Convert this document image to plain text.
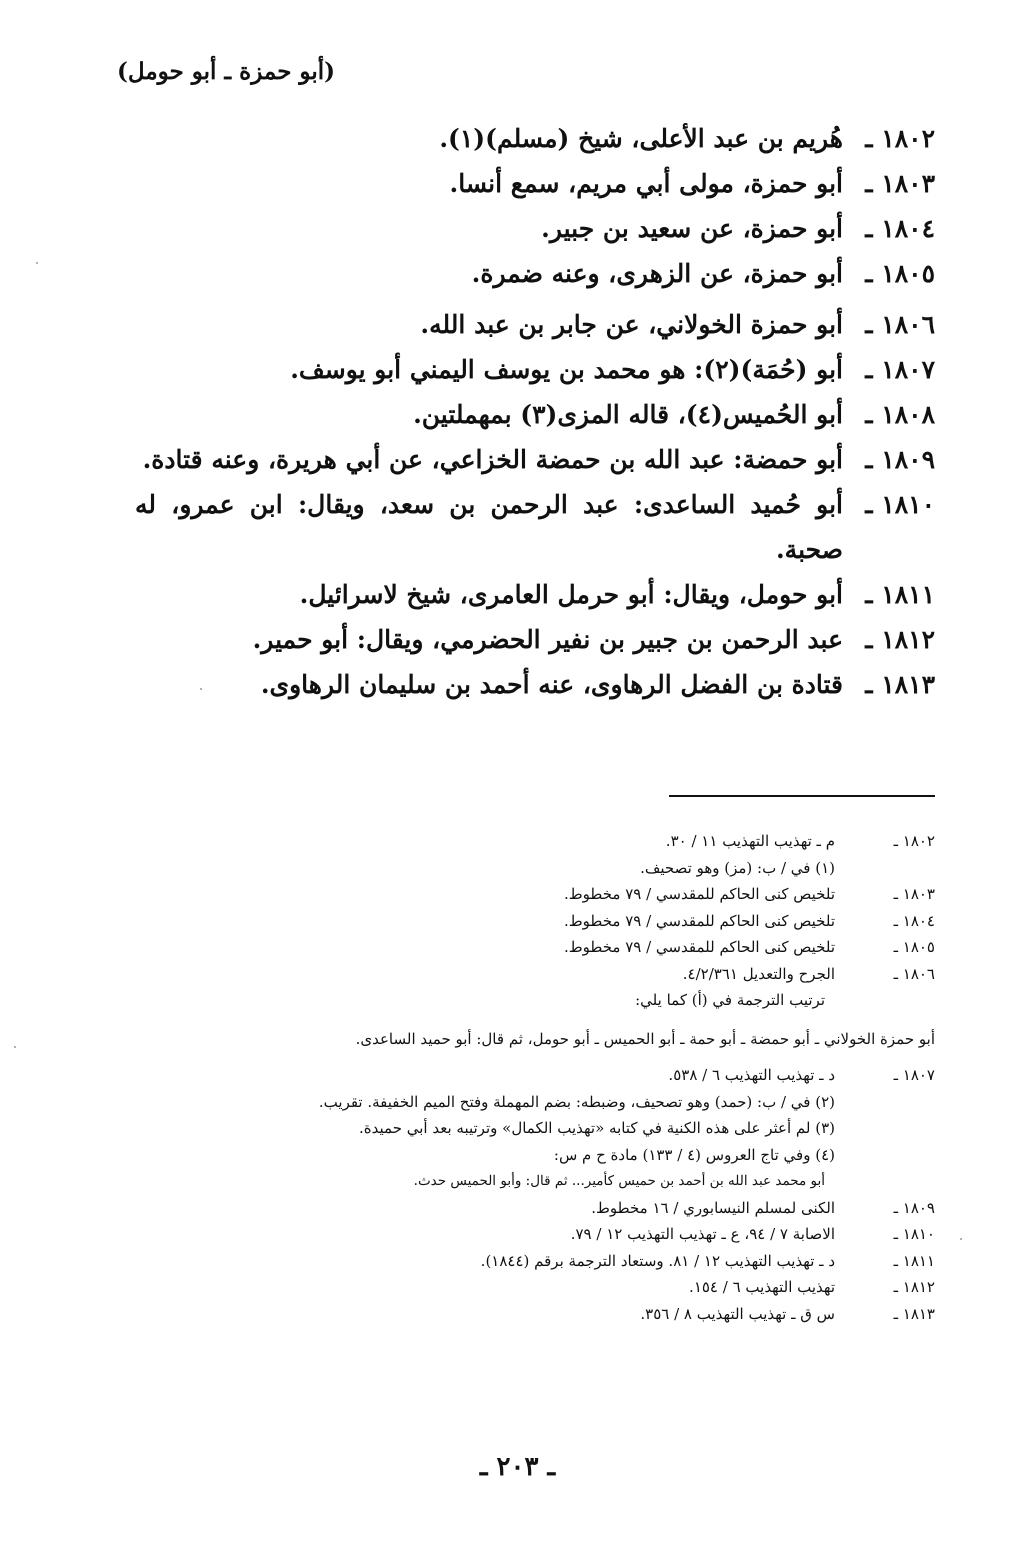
(أبو حمزة ـ أبو حومل)
١٨٠٢ ـ
هُريم بن عبد الأعلى، شيخ (مسلم)(١).
١٨٠٣ ـ
أبو حمزة، مولى أبي مريم، سمع أنسا.
١٨٠٤ ـ
أبو حمزة، عن سعيد بن جبير.
١٨٠٥ ـ
أبو حمزة، عن الزهرى، وعنه ضمرة.
١٨٠٦ ـ
أبو حمزة الخولاني، عن جابر بن عبد الله.
١٨٠٧ ـ
أبو (حُمَة)(٢): هو محمد بن يوسف اليمني أبو يوسف.
١٨٠٨ ـ
أبو الحُميس(٤)، قاله المزى(٣) بمهملتين.
١٨٠٩ ـ
أبو حمضة: عبد الله بن حمضة الخزاعي، عن أبي هريرة، وعنه قتادة.
١٨١٠ ـ
أبو حُميد الساعدى: عبد الرحمن بن سعد، ويقال: ابن عمرو، له صحبة.
١٨١١ ـ
أبو حومل، ويقال: أبو حرمل العامرى، شيخ لاسرائيل.
١٨١٢ ـ
عبد الرحمن بن جبير بن نفير الحضرمي، ويقال: أبو حمير.
١٨١٣ ـ
قتادة بن الفضل الرهاوى، عنه أحمد بن سليمان الرهاوى.
١٨٠٢ ـ
م ـ تهذيب التهذيب ١١ / ٣٠.
(١) في / ب: (مز) وهو تصحيف.
١٨٠٣ ـ
تلخيص كنى الحاكم للمقدسي / ٧٩ مخطوط.
١٨٠٤ ـ
تلخيص كنى الحاكم للمقدسي / ٧٩ مخطوط.
١٨٠٥ ـ
تلخيص كنى الحاكم للمقدسي / ٧٩ مخطوط.
١٨٠٦ ـ
الجرح والتعديل ٤/٢/٣٦١.
ترتيب الترجمة في (أ) كما يلي:
أبو حمزة الخولاني ـ أبو حمضة ـ أبو حمة ـ أبو الحميس ـ أبو حومل، ثم قال: أبو حميد الساعدى.
١٨٠٧ ـ
د ـ تهذيب التهذيب ٦ / ٥٣٨.
(٢) في / ب: (حمد) وهو تصحيف، وضبطه: بضم المهملة وفتح الميم الخفيفة. تقريب.
(٣) لم أعثر على هذه الكنية في كتابه «تهذيب الكمال» وترتيبه بعد أبي حميدة.
(٤) وفي تاج العروس (٤ / ١٣٣) مادة ح م س:
أبو محمد عبد الله بن أحمد بن حميس كأمير... ثم قال: وأبو الحميس حدث.
١٨٠٩ ـ
الكنى لمسلم النيسابوري / ١٦ مخطوط.
١٨١٠ ـ
الاصابة ٧ / ٩٤، ع ـ تهذيب التهذيب ١٢ / ٧٩.
١٨١١ ـ
د ـ تهذيب التهذيب ١٢ / ٨١. وستعاد الترجمة برقم (١٨٤٤).
١٨١٢ ـ
تهذيب التهذيب ٦ / ١٥٤.
١٨١٣ ـ
س ق ـ تهذيب التهذيب ٨ / ٣٥٦.
ـ ٢٠٣ ـ
